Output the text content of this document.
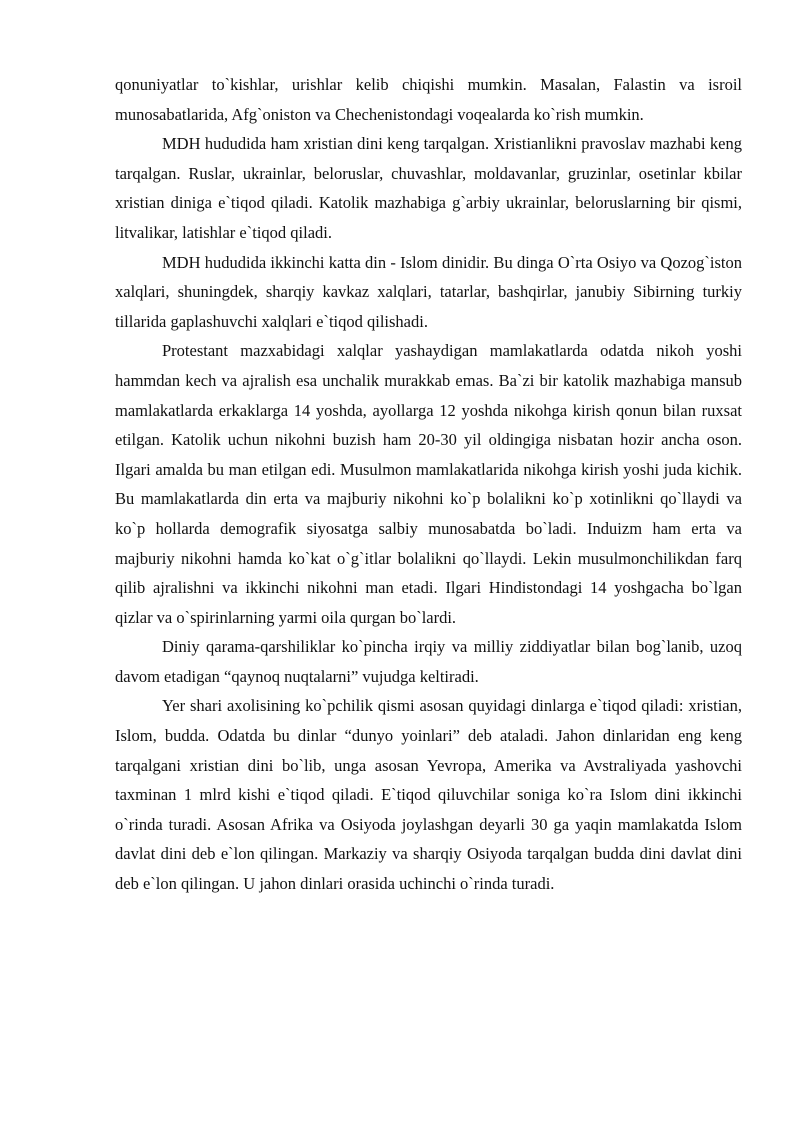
qonuniyatlar to`kishlar, urishlar kelib chiqishi mumkin. Masalan, Falastin va isroil munosabatlarida, Afg`oniston va Chechenistondagi voqealarda ko`rish mumkin.

MDH hududida ham xristian dini keng tarqalgan. Xristianlikni pravoslav mazhabi keng tarqalgan. Ruslar, ukrainlar, beloruslar, chuvashlar, moldavanlar, gruzinlar, osetinlar kbilar xristian diniga e`tiqod qiladi. Katolik mazhabiga g`arbiy ukrainlar, beloruslarning bir qismi, litvalikar, latishlar e`tiqod qiladi.

MDH hududida ikkinchi katta din - Islom dinidir. Bu dinga O`rta Osiyo va Qozog`iston xalqlari, shuningdek, sharqiy kavkaz xalqlari, tatarlar, bashqirlar, janubiy Sibirning turkiy tillarida gaplashuvchi xalqlari e`tiqod qilishadi.

Protestant mazxabidagi xalqlar yashaydigan mamlakatlarda odatda nikoh yoshi hammdan kech va ajralish esa unchalik murakkab emas. Ba`zi bir katolik mazhabiga mansub mamlakatlarda erkaklarga 14 yoshda, ayollarga 12 yoshda nikohga kirish qonun bilan ruxsat etilgan. Katolik uchun nikohni buzish ham 20-30 yil oldingiga nisbatan hozir ancha oson. Ilgari amalda bu man etilgan edi. Musulmon mamlakatlarida nikohga kirish yoshi juda kichik. Bu mamlakatlarda din erta va majburiy nikohni ko`p bolalikni ko`p xotinlikni qo`llaydi va ko`p hollarda demografik siyosatga salbiy munosabatda bo`ladi. Induizm ham erta va majburiy nikohni hamda ko`kat o`g`itlar bolalikni qo`llaydi. Lekin musulmonchilikdan farq qilib ajralishni va ikkinchi nikohni man etadi. Ilgari Hindistondagi 14 yoshgacha bo`lgan qizlar va o`spirinlarning yarmi oila qurgan bo`lardi.

Diniy qarama-qarshiliklar ko`pincha irqiy va milliy ziddiyatlar bilan bog`lanib, uzoq davom etadigan “qaynoq nuqtalarni” vujudga keltiradi.

Yer shari axolisining ko`pchilik qismi asosan quyidagi dinlarga e`tiqod qiladi: xristian, Islom, budda. Odatda bu dinlar “dunyo yoinlari” deb ataladi. Jahon dinlaridan eng keng tarqalgani xristian dini bo`lib, unga asosan Yevropa, Amerika va Avstraliyada yashovchi taxminan 1 mlrd kishi e`tiqod qiladi. E`tiqod qiluvchilar soniga ko`ra Islom dini ikkinchi o`rinda turadi. Asosan Afrika va Osiyoda joylashgan deyarli 30 ga yaqin mamlakatda Islom davlat dini deb e`lon qilingan. Markaziy va sharqiy Osiyoda tarqalgan budda dini davlat dini deb e`lon qilingan. U jahon dinlari orasida uchinchi o`rinda turadi.
